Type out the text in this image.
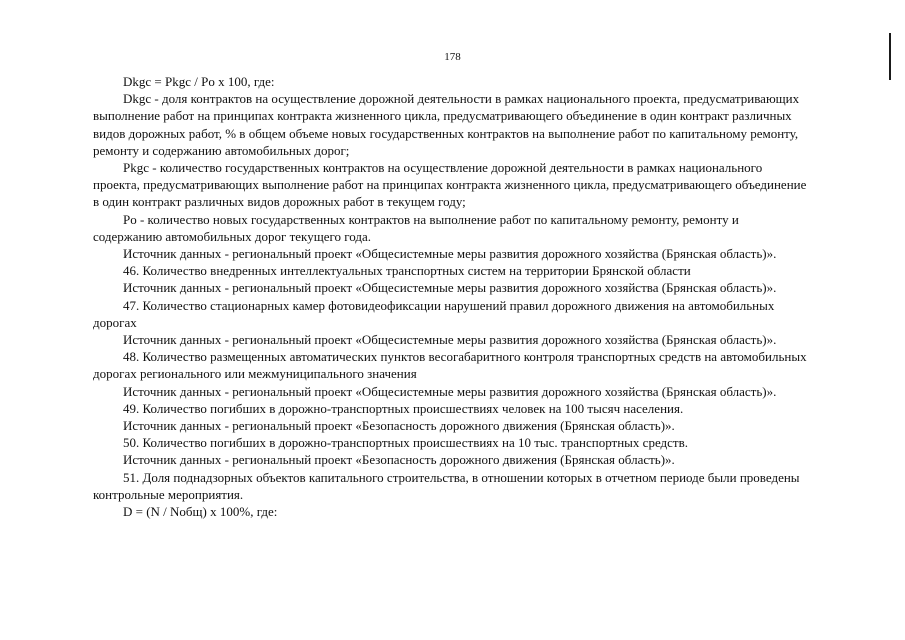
178

Dkgc = Pkgc / Po х 100, где:

Dkgc - доля контрактов на осуществление дорожной деятельности в рамках национального проекта, предусматривающих выполнение работ на принципах контракта жизненного цикла, предусматривающего объединение в один контракт различных видов дорожных работ, % в общем объеме новых государственных контрактов на выполнение работ по капитальному ремонту, ремонту и содержанию автомобильных дорог;

Pkgc - количество государственных контрактов на осуществление дорожной деятельности в рамках национального проекта, предусматривающих выполнение работ на принципах контракта жизненного цикла, предусматривающего объединение в один контракт различных видов дорожных работ в текущем году;

Po - количество новых государственных контрактов на выполнение работ по капитальному ремонту, ремонту и содержанию автомобильных дорог текущего года.

Источник данных - региональный проект «Общесистемные меры развития дорожного хозяйства (Брянская область)».

46. Количество внедренных интеллектуальных транспортных систем на территории Брянской области

Источник данных - региональный проект «Общесистемные меры развития дорожного хозяйства (Брянская область)».

47. Количество стационарных камер фотовидеофиксации нарушений правил дорожного движения на автомобильных дорогах

Источник данных - региональный проект «Общесистемные меры развития дорожного хозяйства (Брянская область)».

48. Количество размещенных автоматических пунктов весогабаритного контроля транспортных средств на автомобильных дорогах регионального или межмуниципального значения

Источник данных - региональный проект «Общесистемные меры развития дорожного хозяйства (Брянская область)».

49. Количество погибших в дорожно-транспортных происшествиях человек на 100 тысяч населения.

Источник данных - региональный проект «Безопасность дорожного движения (Брянская область)».

50. Количество погибших в дорожно-транспортных происшествиях на 10 тыс. транспортных средств.

Источник данных - региональный проект «Безопасность дорожного движения (Брянская область)».

51. Доля поднадзорных объектов капитального строительства, в отношении которых в отчетном периоде были проведены контрольные мероприятия.

D = (N / Nобщ) х 100%, где:
